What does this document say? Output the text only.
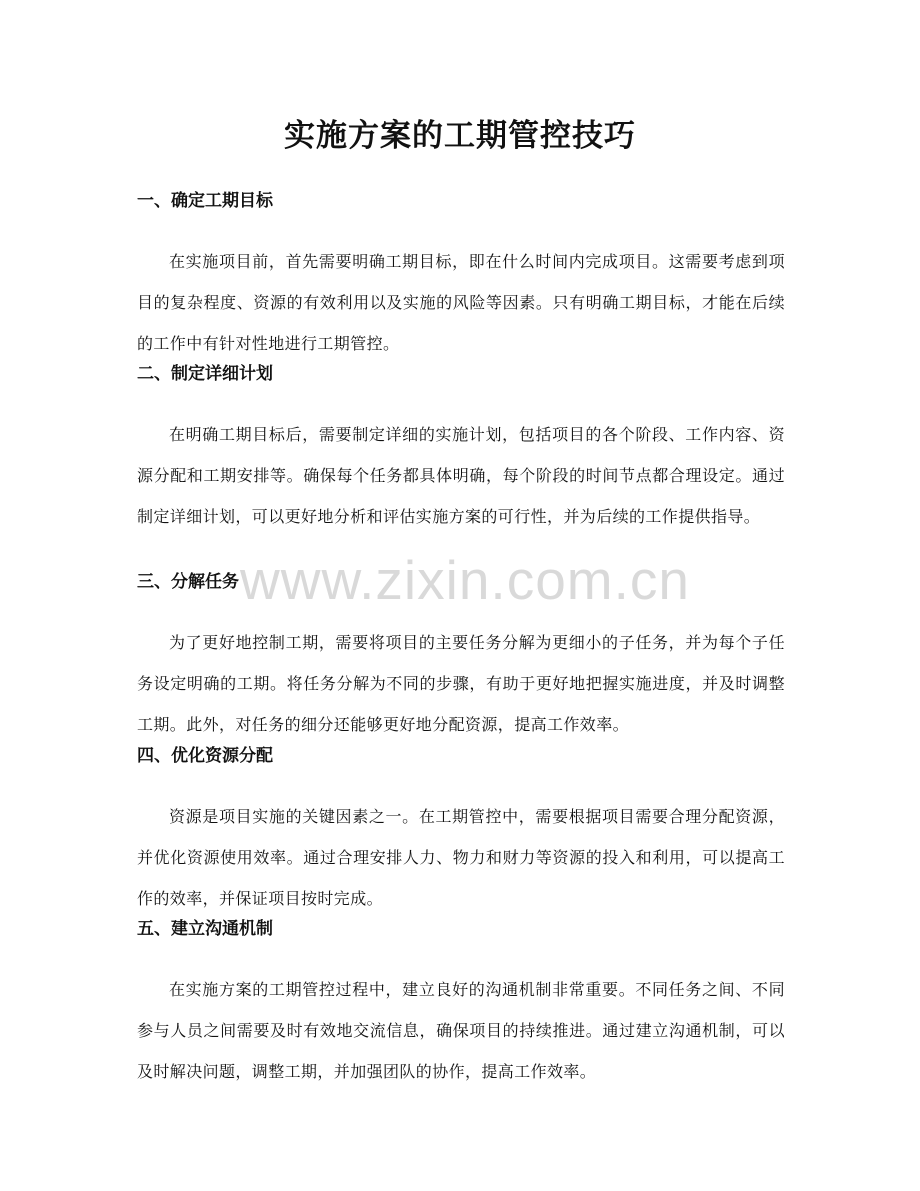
实施方案的工期管控技巧
一、确定工期目标

在实施项目前，首先需要明确工期目标，即在什么时间内完成项目。这需要考虑到项目的复杂程度、资源的有效利用以及实施的风险等因素。只有明确工期目标，才能在后续的工作中有针对性地进行工期管控。

二、制定详细计划

在明确工期目标后，需要制定详细的实施计划，包括项目的各个阶段、工作内容、资源分配和工期安排等。确保每个任务都具体明确，每个阶段的时间节点都合理设定。通过制定详细计划，可以更好地分析和评估实施方案的可行性，并为后续的工作提供指导。

三、分解任务

为了更好地控制工期，需要将项目的主要任务分解为更细小的子任务，并为每个子任务设定明确的工期。将任务分解为不同的步骤，有助于更好地把握实施进度，并及时调整工期。此外，对任务的细分还能够更好地分配资源，提高工作效率。

四、优化资源分配

资源是项目实施的关键因素之一。在工期管控中，需要根据项目需要合理分配资源，并优化资源使用效率。通过合理安排人力、物力和财力等资源的投入和利用，可以提高工作的效率，并保证项目按时完成。

五、建立沟通机制

在实施方案的工期管控过程中，建立良好的沟通机制非常重要。不同任务之间、不同参与人员之间需要及时有效地交流信息，确保项目的持续推进。通过建立沟通机制，可以及时解决问题，调整工期，并加强团队的协作，提高工作效率。

www.zixin.com.cn
